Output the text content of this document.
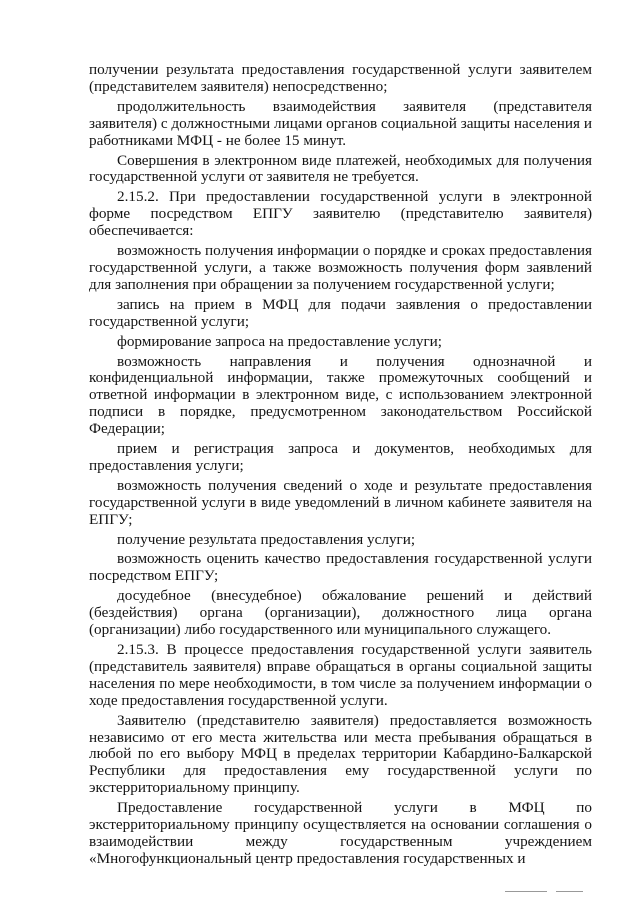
получении результата предоставления государственной услуги заявителем (представителем заявителя) непосредственно;

продолжительность взаимодействия заявителя (представителя заявителя) с должностными лицами органов социальной защиты населения и работниками МФЦ - не более 15 минут.

Совершения в электронном виде платежей, необходимых для получения государственной услуги от заявителя не требуется.

2.15.2. При предоставлении государственной услуги в электронной форме посредством ЕПГУ заявителю (представителю заявителя) обеспечивается:

возможность получения информации о порядке и сроках предоставления государственной услуги, а также возможность получения форм заявлений для заполнения при обращении за получением государственной услуги;

запись на прием в МФЦ для подачи заявления о предоставлении государственной услуги;

формирование запроса на предоставление услуги;

возможность направления и получения однозначной и конфиденциальной информации, также промежуточных сообщений и ответной информации в электронном виде, с использованием электронной подписи в порядке, предусмотренном законодательством Российской Федерации;

прием и регистрация запроса и документов, необходимых для предоставления услуги;

возможность получения сведений о ходе и результате предоставления государственной услуги в виде уведомлений в личном кабинете заявителя на ЕПГУ;

получение результата предоставления услуги;

возможность оценить качество предоставления государственной услуги посредством ЕПГУ;

досудебное (внесудебное) обжалование решений и действий (бездействия) органа (организации), должностного лица органа (организации) либо государственного или муниципального служащего.

2.15.3. В процессе предоставления государственной услуги заявитель (представитель заявителя) вправе обращаться в органы социальной защиты населения по мере необходимости, в том числе за получением информации о ходе предоставления государственной услуги.

Заявителю (представителю заявителя) предоставляется возможность независимо от его места жительства или места пребывания обращаться в любой по его выбору МФЦ в пределах территории Кабардино-Балкарской Республики для предоставления ему государственной услуги по экстерриториальному принципу.

Предоставление государственной услуги в МФЦ по экстерриториальному принципу осуществляется на основании соглашения о взаимодействии между государственным учреждением «Многофункциональный центр предоставления государственных и
